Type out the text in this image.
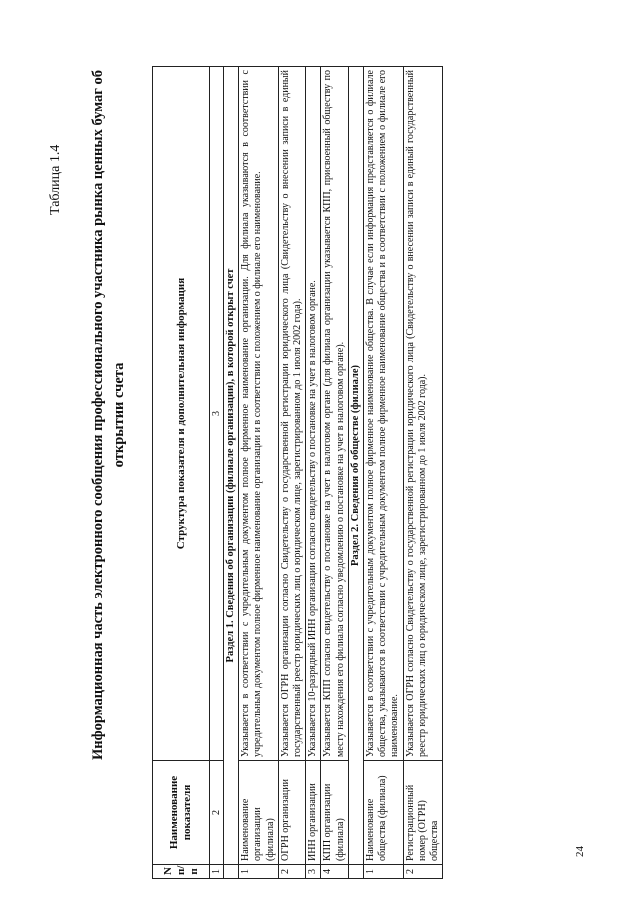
Таблица 1.4 Информационная часть электронного сообщения профессионального участника рынка ценных бумаг об открытии счета
N п/ п	Наименование показателя	Структура показателя и дополнительная информация
1	2	3
	Раздел 1. Сведения об организации (филиале организации), в которой открыт счет	
1	Наименование организации (филиала)	Указывается в соответствии с учредительным документом полное фирменное наименование организации. Для филиала указываются в соответствии с учредительным документом полное фирменное наименование организации и в соответствии с положением о филиале его наименование.
2	ОГРН организации	Указывается ОГРН организации согласно Свидетельству о государственной регистрации юридического лица (Свидетельству о внесении записи в единый государственный реестр юридических лиц о юридическом лице, зарегистрированном до 1 июля 2002 года).
3	ИНН организации	Указывается 10-разрядный ИНН организации согласно свидетельству о постановке на учет в налоговом органе.
4	КПП организации (филиала)	Указывается КПП согласно свидетельству о постановке на учет в налоговом органе (для филиала организации указывается КПП, присвоенный обществу по месту нахождения его филиала согласно уведомлению о постановке на учет в налоговом органе).
	Раздел 2. Сведения об обществе (филиале)	
1	Наименование общества (филиала)	Указывается в соответствии с учредительным документом полное фирменное наименование общества. В случае если информация представляется о филиале общества, указываются в соответствии с учредительным документом полное фирменное наименование общества и в соответствии с положением о филиале его наименование.
2	Регистрационный номер (ОГРН) общества	Указывается ОГРН согласно Свидетельству о государственной регистрации юридического лица (Свидетельству о внесении записи в единый государственный реестр юридических лиц о юридическом лице, зарегистрированном до 1 июля 2002 года).
24
